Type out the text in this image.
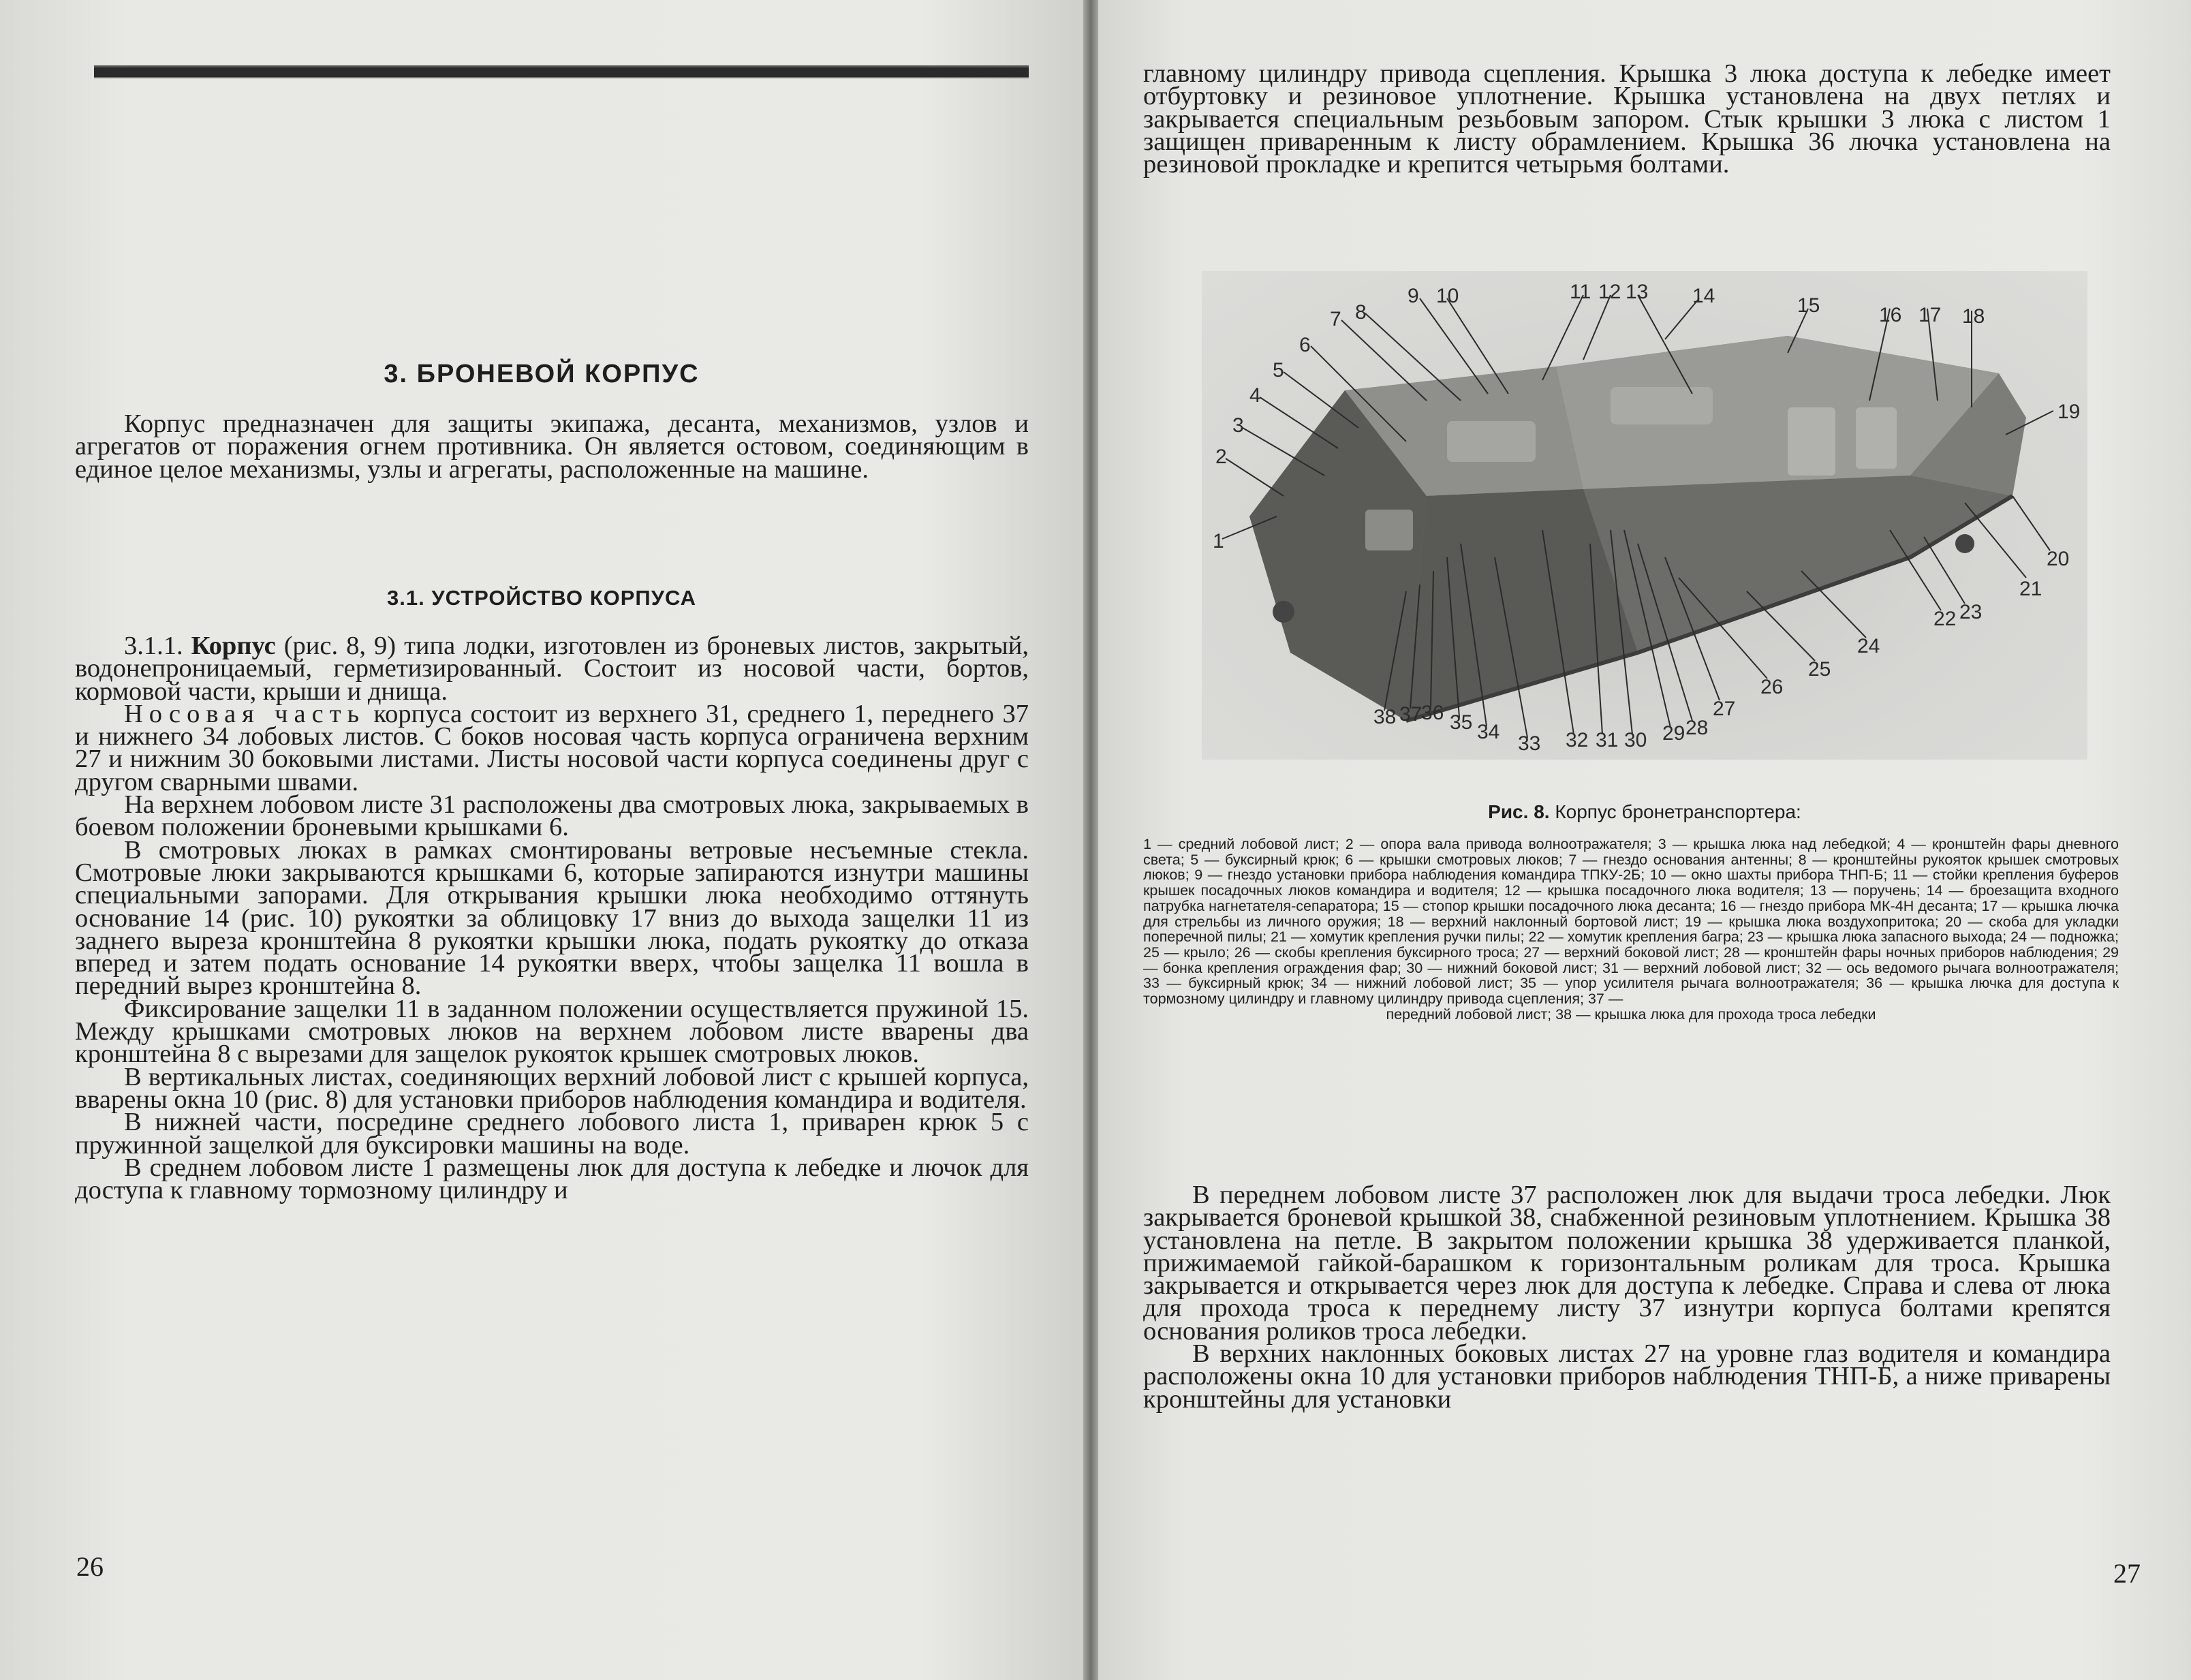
3. БРОНЕВОЙ КОРПУС

Корпус предназначен для защиты экипажа, десанта, механизмов, узлов и агрегатов от поражения огнем противника. Он является остовом, соединяющим в единое целое механизмы, узлы и агрегаты, расположенные на машине.

3.1. УСТРОЙСТВО КОРПУСА

3.1.1. Корпус (рис. 8, 9) типа лодки, изготовлен из броневых листов, закрытый, водонепроницаемый, герметизированный. Состоит из носовой части, бортов, кормовой части, крыши и днища.

Носовая часть корпуса состоит из верхнего 31, среднего 1, переднего 37 и нижнего 34 лобовых листов. С боков носовая часть корпуса ограничена верхним 27 и нижним 30 боковыми листами. Листы носовой части корпуса соединены друг с другом сварными швами.

На верхнем лобовом листе 31 расположены два смотровых люка, закрываемых в боевом положении броневыми крышками 6.

В смотровых люках в рамках смонтированы ветровые несъемные стекла. Смотровые люки закрываются крышками 6, которые запираются изнутри машины специальными запорами. Для открывания крышки люка необходимо оттянуть основание 14 (рис. 10) рукоятки за облицовку 17 вниз до выхода защелки 11 из заднего выреза кронштейна 8 рукоятки крышки люка, подать рукоятку до отказа вперед и затем подать основание 14 рукоятки вверх, чтобы защелка 11 вошла в передний вырез кронштейна 8.

Фиксирование защелки 11 в заданном положении осуществляется пружиной 15. Между крышками смотровых люков на верхнем лобовом листе вварены два кронштейна 8 с вырезами для защелок рукояток крышек смотровых люков.

В вертикальных листах, соединяющих верхний лобовой лист с крышей корпуса, вварены окна 10 (рис. 8) для установки приборов наблюдения командира и водителя.

В нижней части, посредине среднего лобового листа 1, приварен крюк 5 с пружинной защелкой для буксировки машины на воде.

В среднем лобовом листе 1 размещены люк для доступа к лебедке и лючок для доступа к главному тормозному цилиндру и

26

главному цилиндру привода сцепления. Крышка 3 люка доступа к лебедке имеет отбуртовку и резиновое уплотнение. Крышка установлена на двух петлях и закрывается специальным резьбовым запором. Стык крышки 3 люка с листом 1 защищен приваренным к листу обрамлением. Крышка 36 лючка установлена на резиновой прокладке и крепится четырьмя болтами.

1
2
3
4
5
6
7 8
9 10	11 12 13 14	15	16 17 18
19
20
21
22 23
24
25
26
27
28
29
30
31
32
33
34
35
36
37
38
Рис. 8. Корпус бронетранспортера:
1 — средний лобовой лист; 2 — опора вала привода волноотражателя; 3 — крышка люка над лебедкой; 4 — кронштейн фары дневного света; 5 — буксирный крюк; 6 — крышки смотровых люков; 7 — гнездо основания антенны; 8 — кронштейны рукояток крышек смотровых люков; 9 — гнездо установки прибора наблюдения командира ТПКУ-2Б; 10 — окно шахты прибора ТНП-Б; 11 — стойки крепления буферов крышек посадочных люков командира и водителя; 12 — крышка посадочного люка водителя; 13 — поручень; 14 — броезащита входного патрубка нагнетателя-сепаратора; 15 — стопор крышки посадочного люка десанта; 16 — гнездо прибора МК-4Н десанта; 17 — крышка лючка для стрельбы из личного оружия; 18 — верхний наклонный бортовой лист; 19 — крышка люка воздухопритока; 20 — скоба для укладки поперечной пилы; 21 — хомутик крепления ручки пилы; 22 — хомутик крепления багра; 23 — крышка люка запасного выхода; 24 — подножка; 25 — крыло; 26 — скобы крепления буксирного троса; 27 — верхний боковой лист; 28 — кронштейн фары ночных приборов наблюдения; 29 — бонка крепления ограждения фар; 30 — нижний боковой лист; 31 — верхний лобовой лист; 32 — ось ведомого рычага волноотражателя; 33 — буксирный крюк; 34 — нижний лобовой лист; 35 — упор усилителя рычага волноотражателя; 36 — крышка лючка для доступа к тормозному цилиндру и главному цилиндру привода сцепления; 37 —
передний лобовой лист; 38 — крышка люка для прохода троса лебедки

В переднем лобовом листе 37 расположен люк для выдачи троса лебедки. Люк закрывается броневой крышкой 38, снабженной резиновым уплотнением. Крышка 38 установлена на петле. В закрытом положении крышка 38 удерживается планкой, прижимаемой гайкой-барашком к горизонтальным роликам для троса. Крышка закрывается и открывается через люк для доступа к лебедке. Справа и слева от люка для прохода троса к переднему листу 37 изнутри корпуса болтами крепятся основания роликов троса лебедки.

В верхних наклонных боковых листах 27 на уровне глаз водителя и командира расположены окна 10 для установки приборов наблюдения ТНП-Б, а ниже приварены кронштейны для установки

27
